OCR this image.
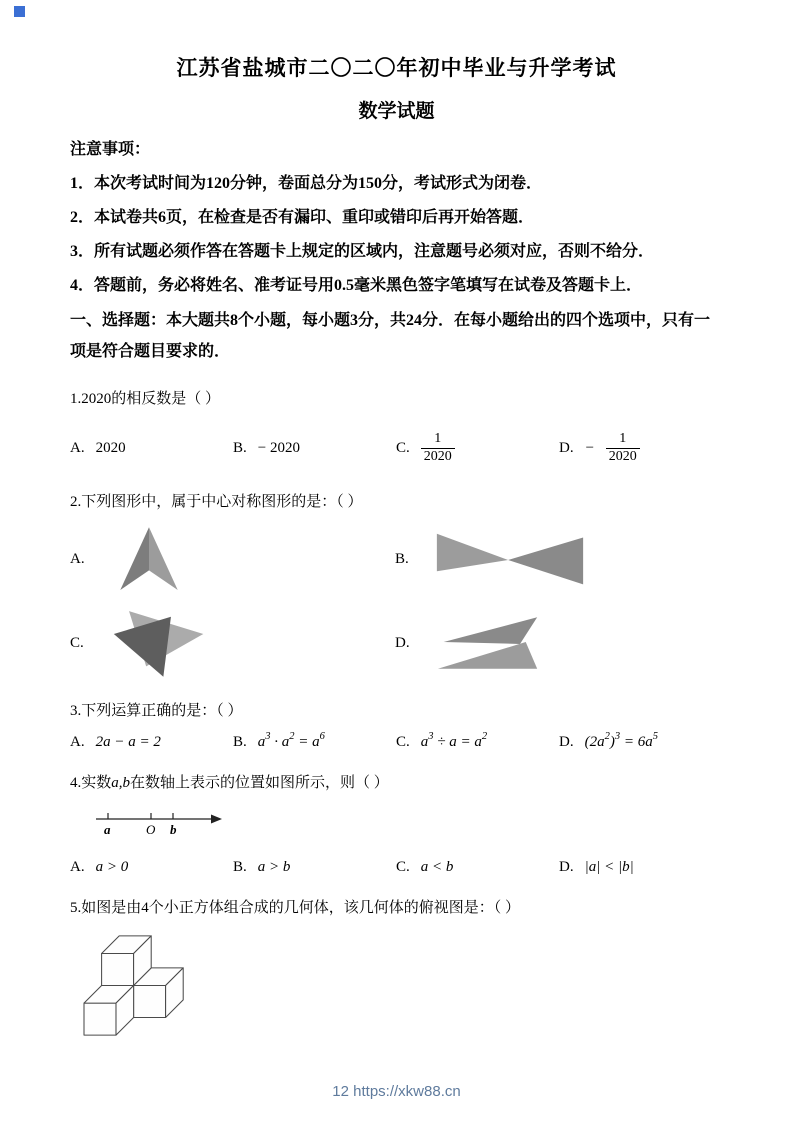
江苏省盐城市二〇二〇年初中毕业与升学考试
数学试题

注意事项：

1．本次考试时间为120分钟，卷面总分为150分，考试形式为闭卷．

2．本试卷共6页，在检查是否有漏印、重印或错印后再开始答题．

3．所有试题必须作答在答题卡上规定的区域内，注意题号必须对应，否则不给分．

4．答题前，务必将姓名、准考证号用0.5毫米黑色签字笔填写在试卷及答题卡上．

一、选择题：本大题共8个小题，每小题3分，共24分．在每小题给出的四个选项中，只有一项是符合题目要求的．

1.2020的相反数是（ ）

A. 2020	B. − 2020	C. $\frac{1}{2020}$	D. − $\frac{1}{2020}$

2.下列图形中，属于中心对称图形的是：（ ）

A.	B.
C.	D.

3.下列运算正确的是：（ ）

A. 2a − a = 2	B. $a^3 \cdot a^2 = a^6$	C. $a^3 \div a = a^2$	D. $(2a^2)^3 = 6a^5$

4.实数a,b在数轴上表示的位置如图所示，则（ ）

a	O b
A. a > 0	B. a > b	C. a < b	D. |a| < |b|

5.如图是由4个小正方体组合成的几何体，该几何体的俯视图是：（ ）

12 https://xkw88.cn
